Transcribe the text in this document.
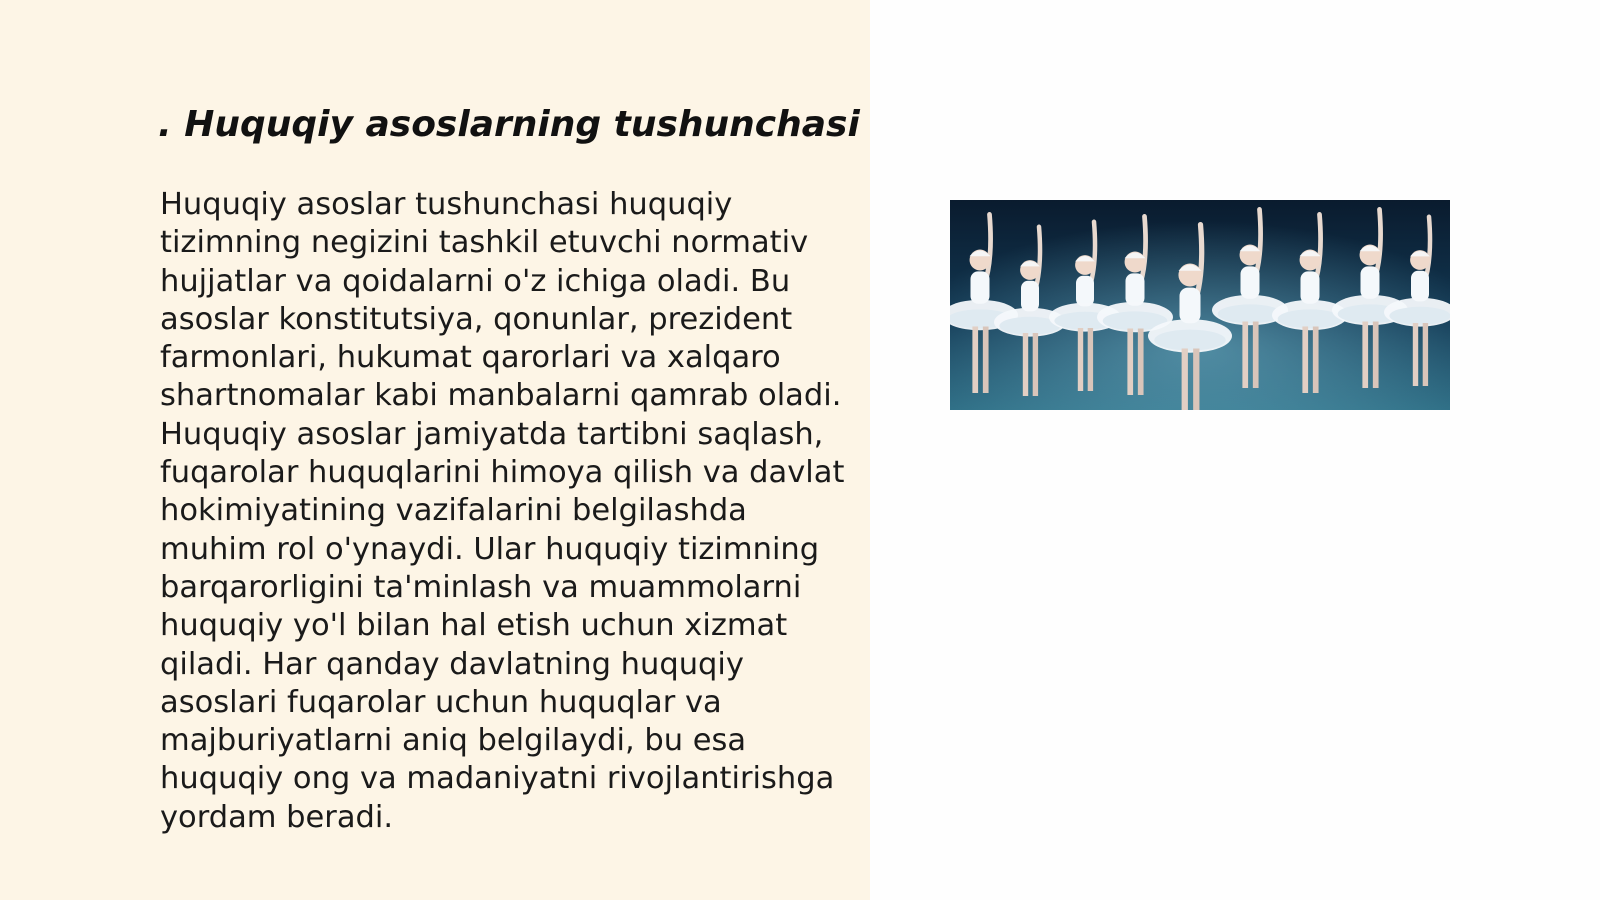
. Huquqiy asoslarning tushunchasi

Huquqiy asoslar tushunchasi huquqiy tizimning negizini tashkil etuvchi normativ hujjatlar va qoidalarni o'z ichiga oladi. Bu asoslar konstitutsiya, qonunlar, prezident farmonlari, hukumat qarorlari va xalqaro shartnomalar kabi manbalarni qamrab oladi. Huquqiy asoslar jamiyatda tartibni saqlash, fuqarolar huquqlarini himoya qilish va davlat hokimiyatining vazifalarini belgilashda muhim rol o'ynaydi. Ular huquqiy tizimning barqarorligini ta'minlash va muammolarni huquqiy yo'l bilan hal etish uchun xizmat qiladi. Har qanday davlatning huquqiy asoslari fuqarolar uchun huquqlar va majburiyatlarni aniq belgilaydi, bu esa huquqiy ong va madaniyatni rivojlantirishga yordam beradi.
